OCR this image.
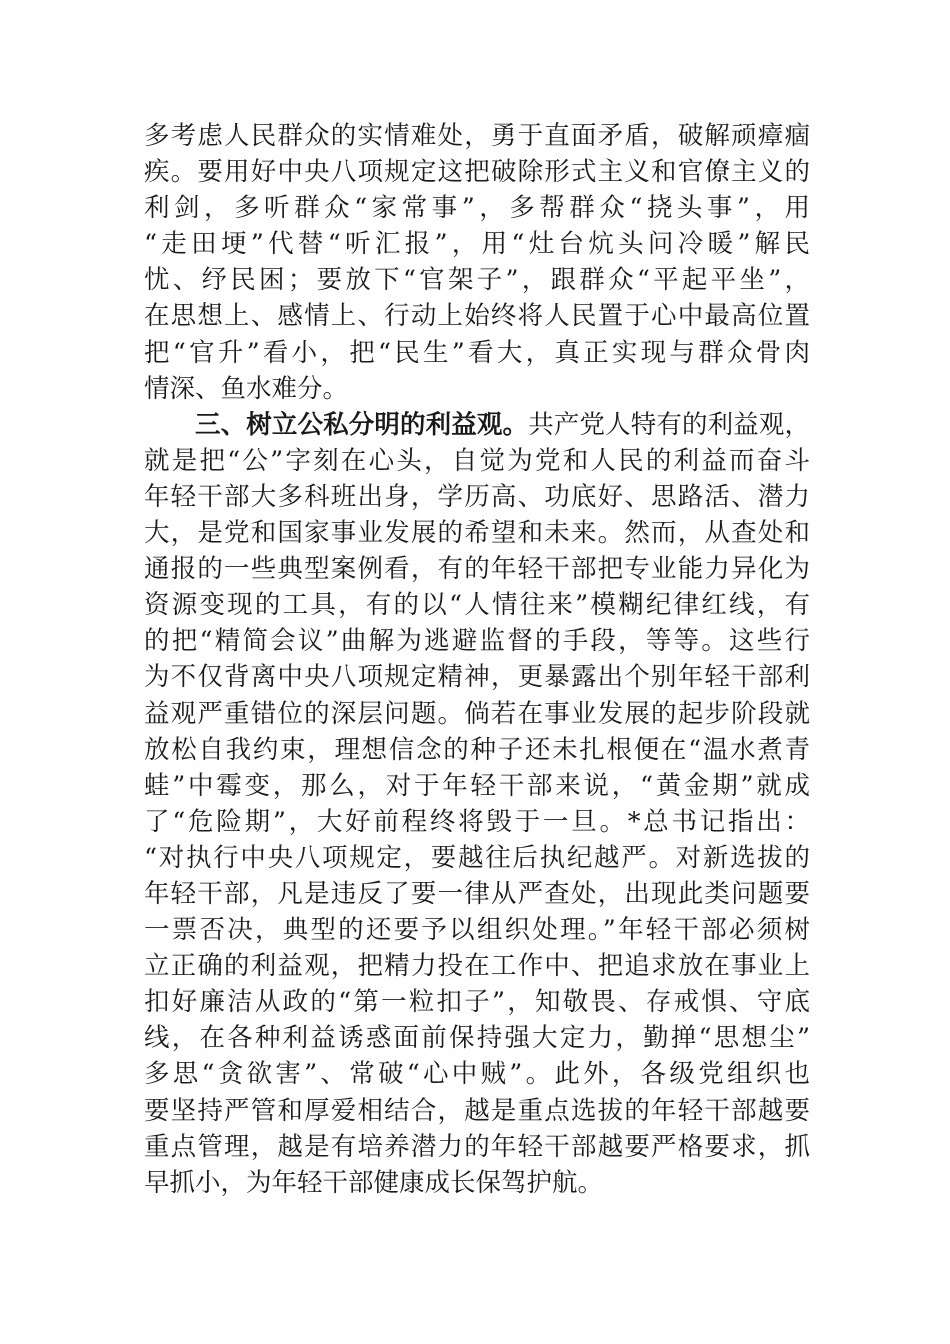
多考虑人民群众的实情难处，勇于直面矛盾，破解顽瘴痼
疾。要用好中央八项规定这把破除形式主义和官僚主义的
利剑，多听群众“家常事”，多帮群众“挠头事”，用
“走田埂”代替“听汇报”，用“灶台炕头问冷暖”解民
忧、纾民困；要放下“官架子”，跟群众“平起平坐”，
在思想上、感情上、行动上始终将人民置于心中最高位置
把“官升”看小，把“民生”看大，真正实现与群众骨肉
情深、鱼水难分。
三、树立公私分明的利益观。共产党人特有的利益观，
就是把“公”字刻在心头，自觉为党和人民的利益而奋斗
年轻干部大多科班出身，学历高、功底好、思路活、潜力
大，是党和国家事业发展的希望和未来。然而，从查处和
通报的一些典型案例看，有的年轻干部把专业能力异化为
资源变现的工具，有的以“人情往来”模糊纪律红线，有
的把“精简会议”曲解为逃避监督的手段，等等。这些行
为不仅背离中央八项规定精神，更暴露出个别年轻干部利
益观严重错位的深层问题。倘若在事业发展的起步阶段就
放松自我约束，理想信念的种子还未扎根便在“温水煮青
蛙”中霉变，那么，对于年轻干部来说，“黄金期”就成
了“危险期”，大好前程终将毁于一旦。*总书记指出：
“对执行中央八项规定，要越往后执纪越严。对新选拔的
年轻干部，凡是违反了要一律从严查处，出现此类问题要
一票否决，典型的还要予以组织处理。”年轻干部必须树
立正确的利益观，把精力投在工作中、把追求放在事业上
扣好廉洁从政的“第一粒扣子”，知敬畏、存戒惧、守底
线，在各种利益诱惑面前保持强大定力，勤掸“思想尘”
多思“贪欲害”、常破“心中贼”。此外，各级党组织也
要坚持严管和厚爱相结合，越是重点选拔的年轻干部越要
重点管理，越是有培养潜力的年轻干部越要严格要求，抓
早抓小，为年轻干部健康成长保驾护航。
